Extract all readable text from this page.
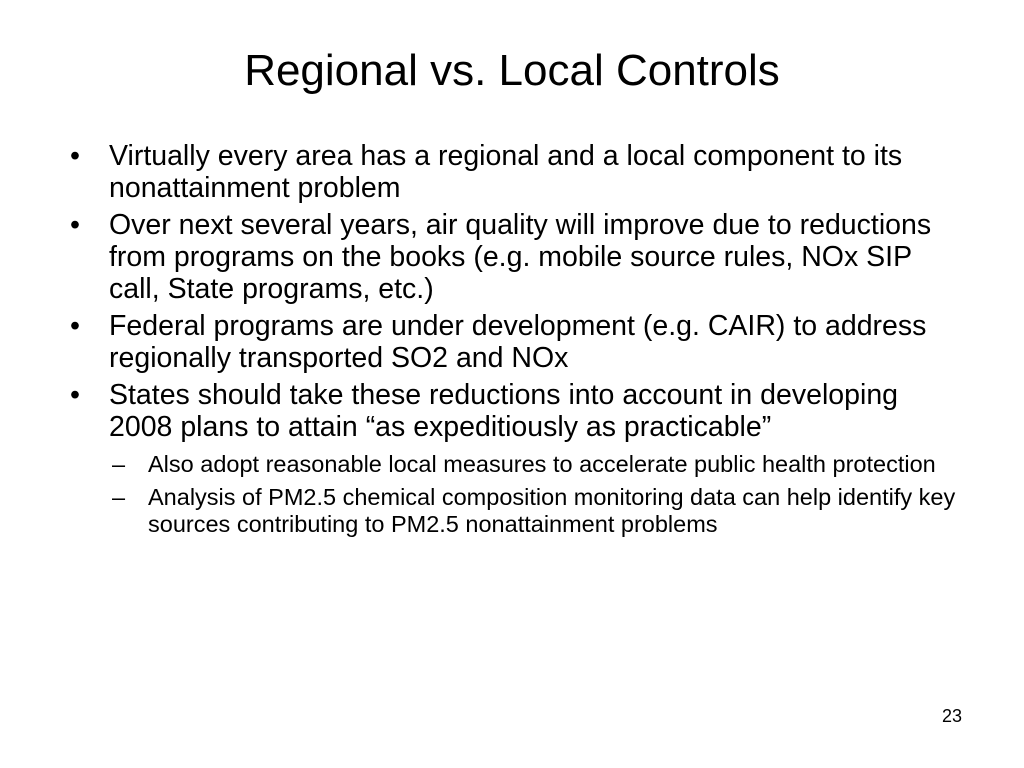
Regional vs. Local Controls
•	Virtually every area has a regional and a local component to its nonattainment problem
•	Over next several years, air quality will improve due to reductions from programs on the books (e.g. mobile source rules, NOx SIP call, State programs, etc.)
•	Federal programs are under development (e.g. CAIR) to address regionally transported SO2 and NOx
•	States should take these reductions into account in developing 2008 plans to attain “as expeditiously as practicable”
– Also adopt reasonable local measures to accelerate public health protection
– Analysis of PM2.5 chemical composition monitoring data can help identify key sources contributing to PM2.5 nonattainment problems
23
